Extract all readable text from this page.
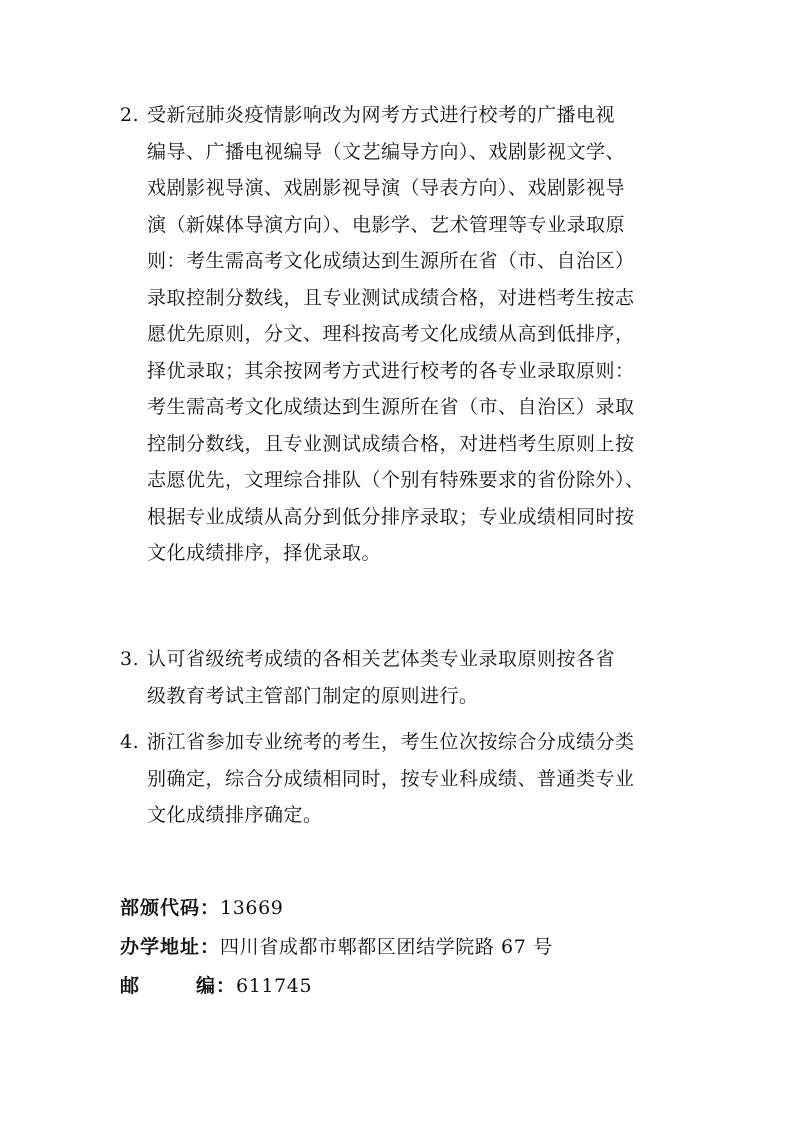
2. 受新冠肺炎疫情影响改为网考方式进行校考的广播电视
编导、广播电视编导（文艺编导方向）、戏剧影视文学、
戏剧影视导演、戏剧影视导演（导表方向）、戏剧影视导
演（新媒体导演方向）、电影学、艺术管理等专业录取原
则：考生需高考文化成绩达到生源所在省（市、自治区）
录取控制分数线，且专业测试成绩合格，对进档考生按志
愿优先原则，分文、理科按高考文化成绩从高到低排序，
择优录取；其余按网考方式进行校考的各专业录取原则：
考生需高考文化成绩达到生源所在省（市、自治区）录取
控制分数线，且专业测试成绩合格，对进档考生原则上按
志愿优先，文理综合排队（个别有特殊要求的省份除外）、
根据专业成绩从高分到低分排序录取；专业成绩相同时按
文化成绩排序，择优录取。
3. 认可省级统考成绩的各相关艺体类专业录取原则按各省
级教育考试主管部门制定的原则进行。
4. 浙江省参加专业统考的考生，考生位次按综合分成绩分类
别确定，综合分成绩相同时，按专业科成绩、普通类专业
文化成绩排序确定。
部颁代码：13669
办学地址：四川省成都市郫都区团结学院路 67 号
邮	编：611745
